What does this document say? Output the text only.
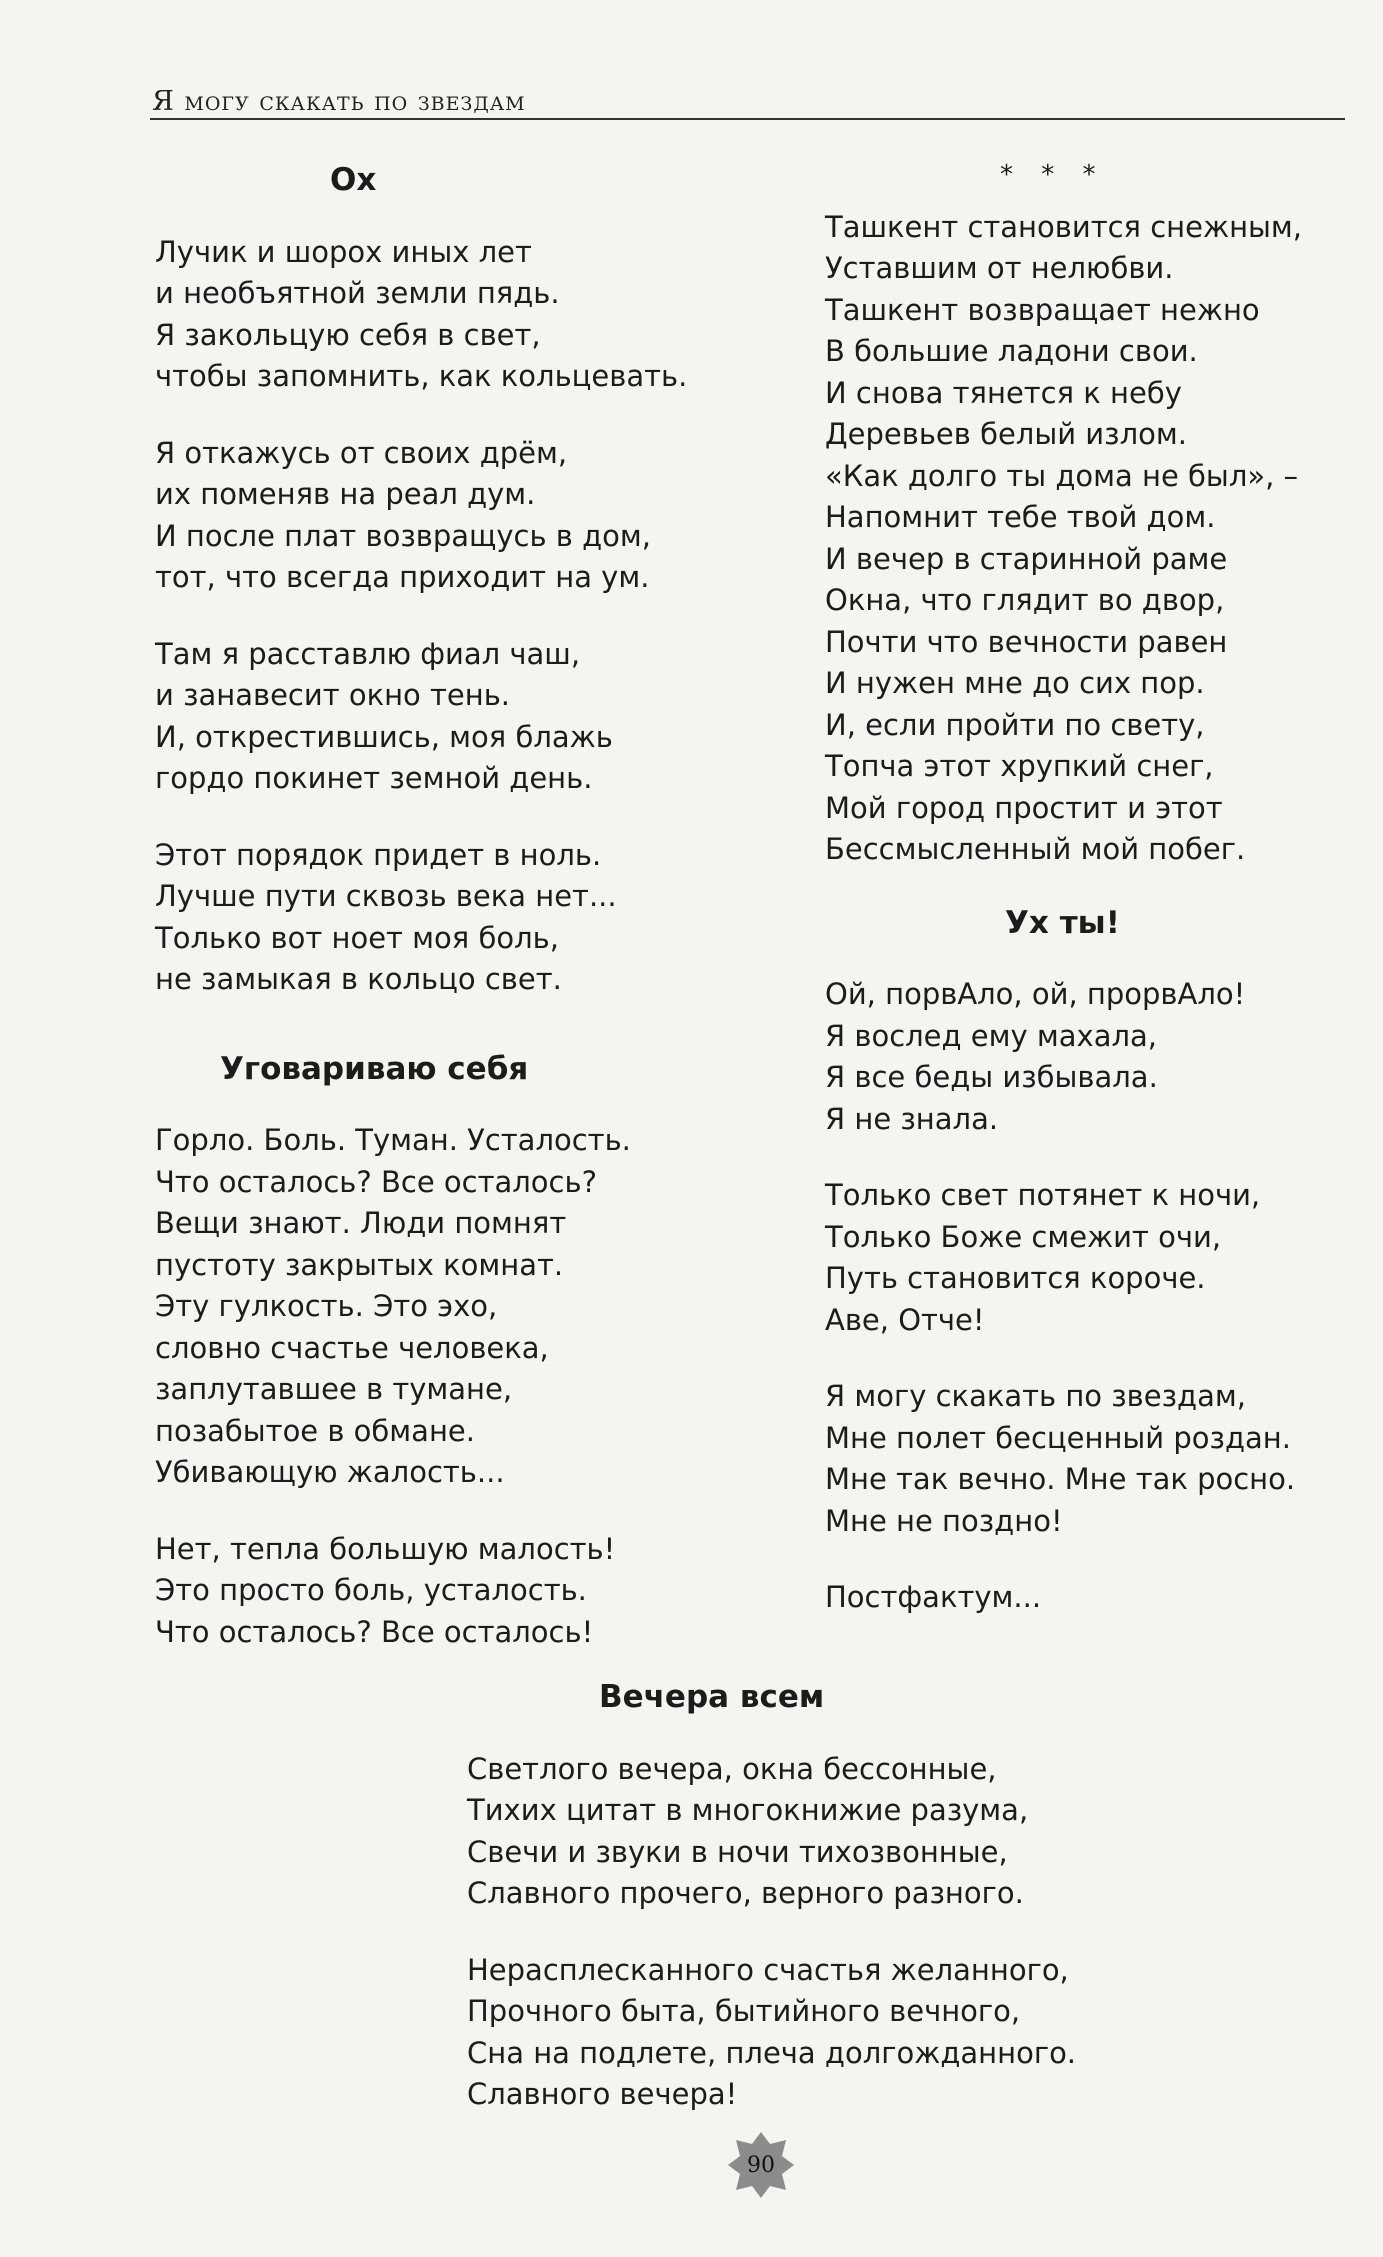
Я могу скакать по звездам
Ох
Лучик и шорох иных лет
и необъятной земли пядь.
Я закольцую себя в свет,
чтобы запомнить, как кольцевать.
Я откажусь от своих дрём,
их поменяв на реал дум.
И после плат возвращусь в дом,
тот, что всегда приходит на ум.
Там я расставлю фиал чаш,
и занавесит окно тень.
И, открестившись, моя блажь
гордо покинет земной день.
Этот порядок придет в ноль.
Лучше пути сквозь века нет...
Только вот ноет моя боль,
не замыкая в кольцо свет.
Уговариваю себя
Горло. Боль. Туман. Усталость.
Что осталось? Все осталось?
Вещи знают. Люди помнят
пустоту закрытых комнат.
Эту гулкость. Это эхо,
словно счастье человека,
заплутавшее в тумане,
позабытое в обмане.
Убивающую жалость...
Нет, тепла большую малость!
Это просто боль, усталость.
Что осталось? Все осталось!
* * *
Ташкент становится снежным,
Уставшим от нелюбви.
Ташкент возвращает нежно
В большие ладони свои.
И снова тянется к небу
Деревьев белый излом.
«Как долго ты дома не был», –
Напомнит тебе твой дом.
И вечер в старинной раме
Окна, что глядит во двор,
Почти что вечности равен
И нужен мне до сих пор.
И, если пройти по свету,
Топча этот хрупкий снег,
Мой город простит и этот
Бессмысленный мой побег.
Ух ты!
Ой, порвАло, ой, прорвАло!
Я вослед ему махала,
Я все беды избывала.
Я не знала.
Только свет потянет к ночи,
Только Боже смежит очи,
Путь становится короче.
Аве, Отче!
Я могу скакать по звездам,
Мне полет бесценный роздан.
Мне так вечно. Мне так росно.
Мне не поздно!
Постфактум...
Вечера всем
Светлого вечера, окна бессонные,
Тихих цитат в многокнижие разума,
Свечи и звуки в ночи тихозвонные,
Славного прочего, верного разного.
Нерасплесканного счастья желанного,
Прочного быта, бытийного вечного,
Сна на подлете, плеча долгожданного.
Славного вечера!
90
